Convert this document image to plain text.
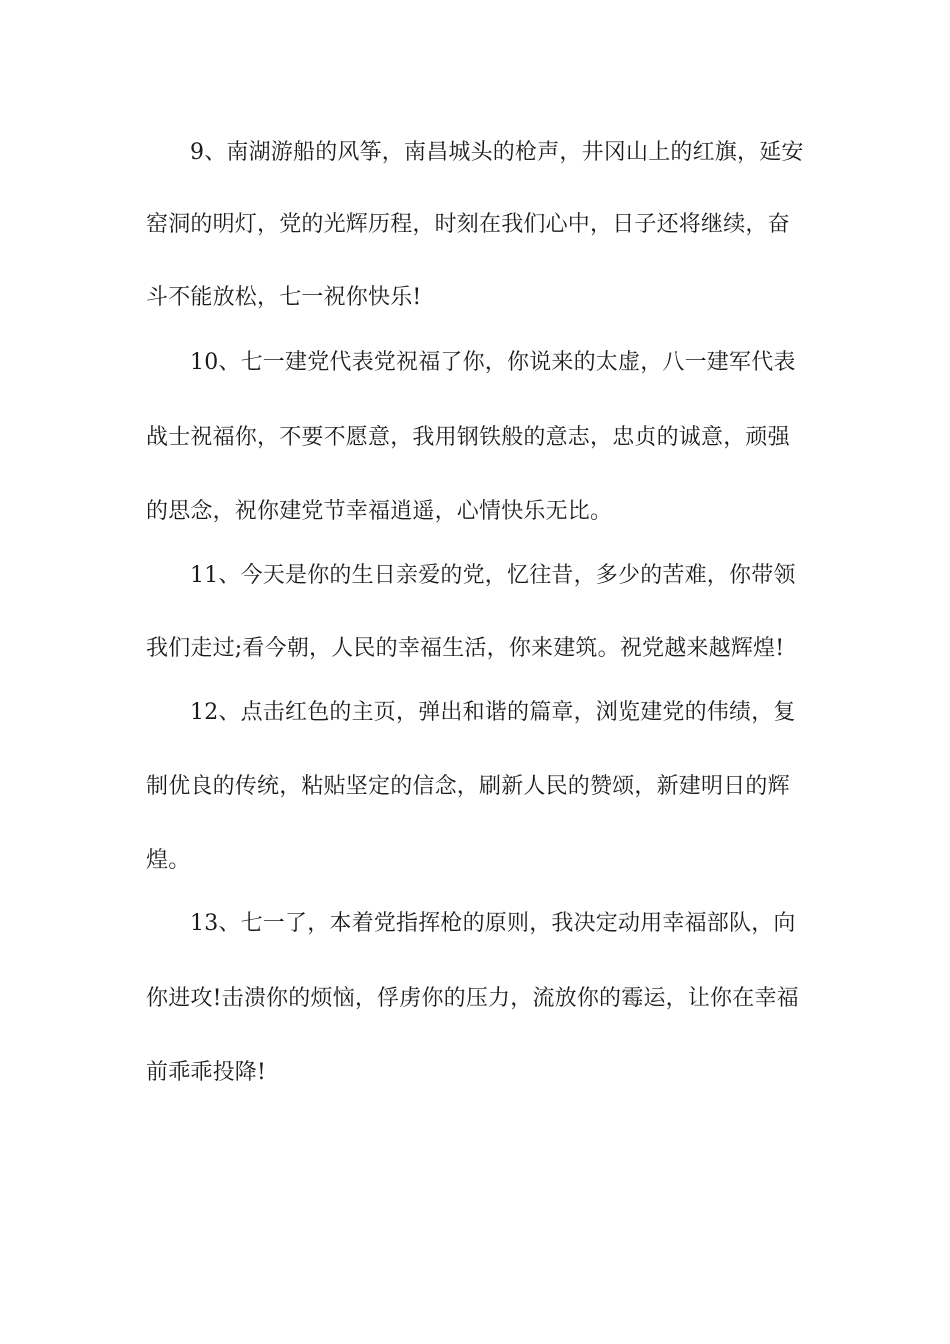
9、南湖游船的风筝，南昌城头的枪声，井冈山上的红旗，延安
窑洞的明灯，党的光辉历程，时刻在我们心中，日子还将继续，奋
斗不能放松，七一祝你快乐!
10、七一建党代表党祝福了你，你说来的太虚，八一建军代表
战士祝福你，不要不愿意，我用钢铁般的意志，忠贞的诚意，顽强
的思念，祝你建党节幸福逍遥，心情快乐无比。
11、今天是你的生日亲爱的党，忆往昔，多少的苦难，你带领
我们走过;看今朝，人民的幸福生活，你来建筑。祝党越来越辉煌!
12、点击红色的主页，弹出和谐的篇章，浏览建党的伟绩，复
制优良的传统，粘贴坚定的信念，刷新人民的赞颂，新建明日的辉
煌。
13、七一了，本着党指挥枪的原则，我决定动用幸福部队，向
你进攻!击溃你的烦恼，俘虏你的压力，流放你的霉运，让你在幸福
前乖乖投降!
